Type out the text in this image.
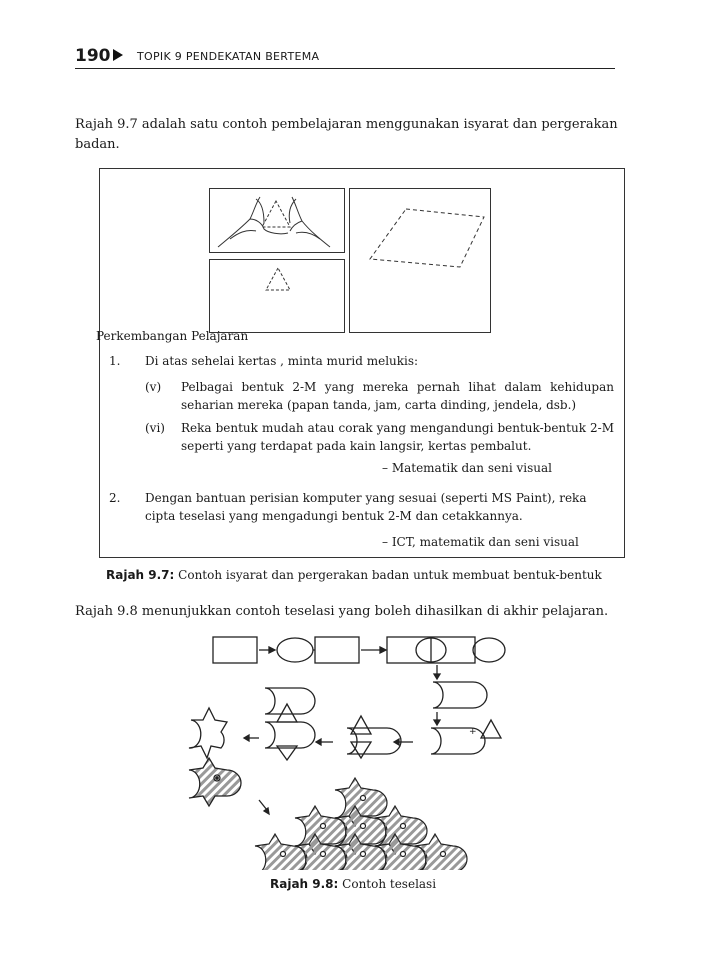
190 TOPIK 9 PENDEKATAN BERTEMA
Rajah 9.7 adalah satu contoh pembelajaran menggunakan isyarat dan pergerakan badan.
Perkembangan Pelajaran
1. Di atas sehelai kertas , minta murid melukis:
(v) Pelbagai bentuk 2-M yang mereka pernah lihat dalam kehidupan seharian mereka (papan tanda, jam, carta dinding, jendela, dsb.)
(vi) Reka bentuk mudah atau corak yang mengandungi bentuk-bentuk 2-M seperti yang terdapat pada kain langsir, kertas pembalut.
– Matematik dan seni visual
2. Dengan bantuan perisian komputer yang sesuai (seperti MS Paint), reka cipta teselasi yang mengadungi bentuk 2-M dan cetakkannya.
– ICT, matematik dan seni visual
Rajah 9.7: Contoh isyarat dan pergerakan badan untuk membuat bentuk-bentuk
Rajah 9.8 menunjukkan contoh teselasi yang boleh dihasilkan di akhir pelajaran.
+
Rajah 9.8: Contoh teselasi
